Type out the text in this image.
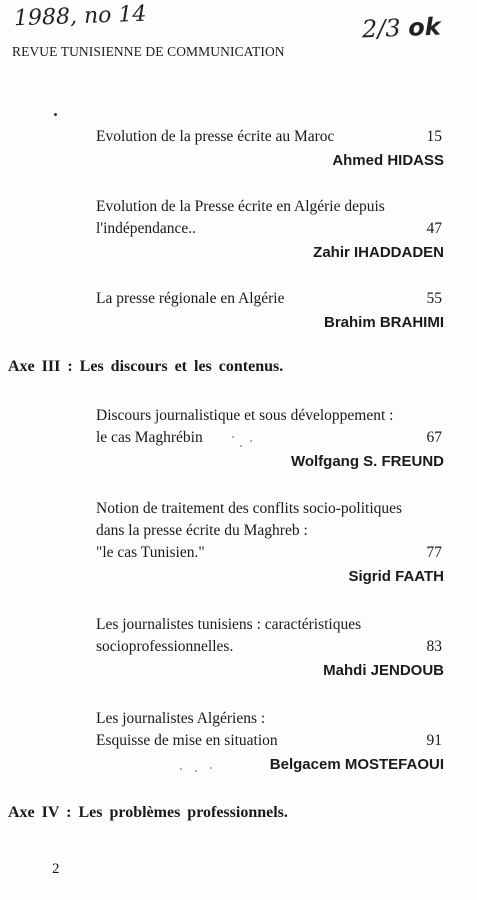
1988, no 14	2/3 ok
REVUE TUNISIENNE DE COMMUNICATION
Evolution de la presse écrite au Maroc	15
Ahmed HIDASS
Evolution de la Presse écrite en Algérie depuis
l'indépendance..	47
Zahir IHADDADEN
La presse régionale en Algérie	55
Brahim BRAHIMI
Axe III : Les discours et les contenus.
Discours journalistique et sous développement :
le cas Maghrébin	67
Wolfgang S. FREUND
Notion de traitement des conflits socio-politiques
dans la presse écrite du Maghreb :
"le cas Tunisien."	77
Sigrid FAATH
Les journalistes tunisiens : caractéristiques
socioprofessionnelles.	83
Mahdi JENDOUB
Les journalistes Algériens :
Esquisse de mise en situation	91
Belgacem MOSTEFAOUI
Axe IV : Les problèmes professionnels.
2
